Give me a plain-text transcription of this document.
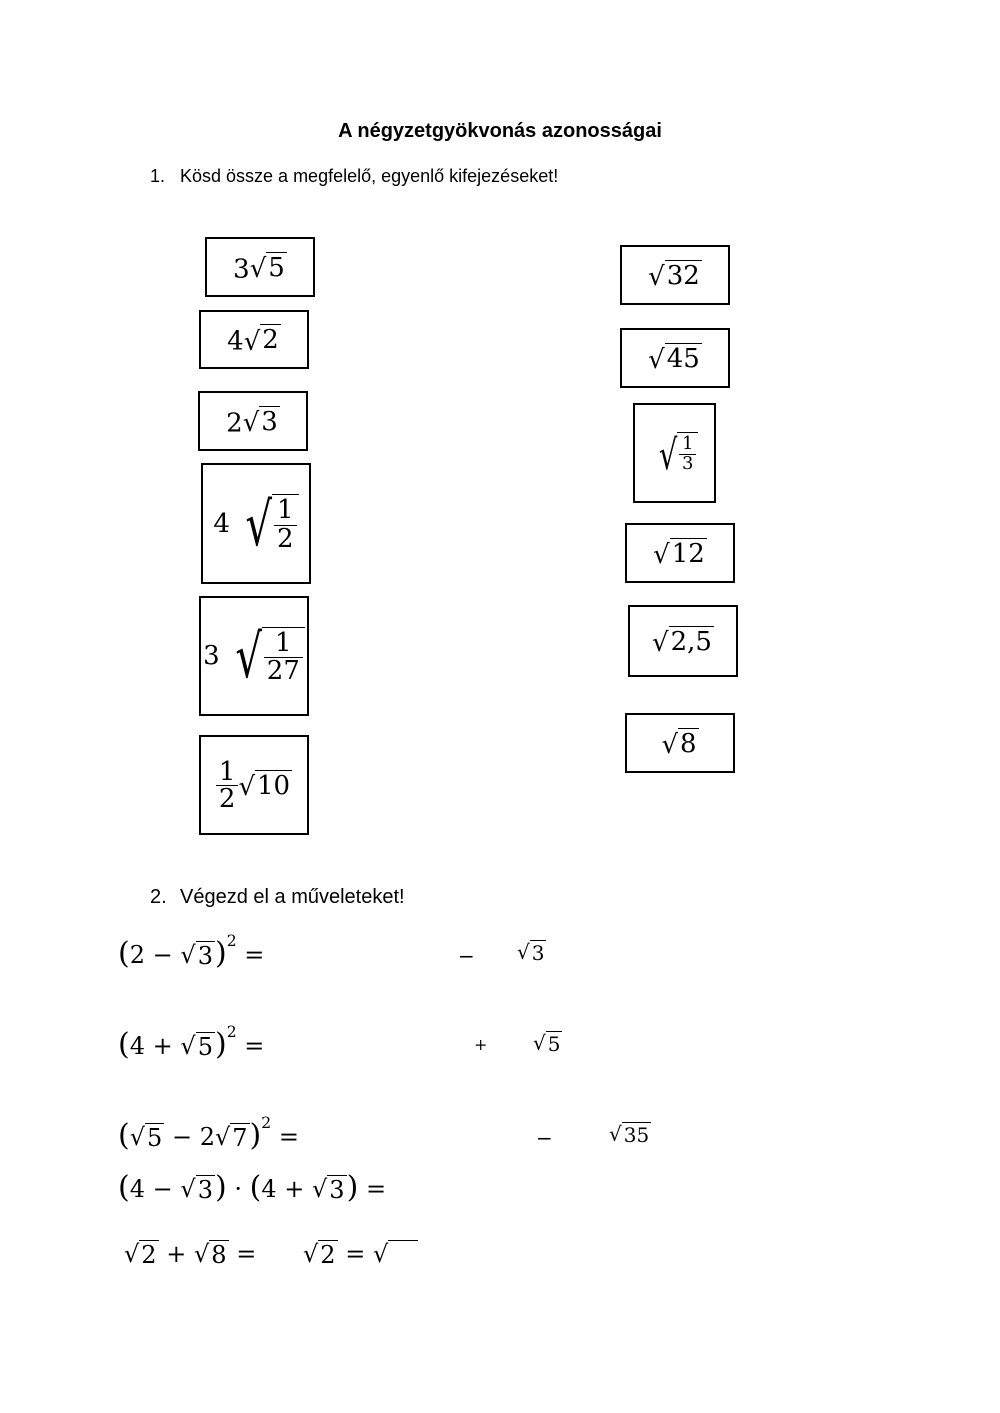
A négyzetgyökvonás azonosságai
1. Kösd össze a megfelelő, egyenlő kifejezéseket!
3 √ 5
4 √ 2
2 √ 3
4 √ $\frac{1}{2}$
3 √ $\frac{1}{27}$
$\frac{1}{2}$ √ 10
√ 32
√ 45
√ $\frac{1}{3}$
√ 12
√ 2,5
√ 8
2. Végezd el a műveleteket!
(2 − √ 3 )$^2$ =	− √ 3
(4 + √ 5 )$^2$ =	+ √ 5
( √ 5 − 2 √ 7 )$^2$ =	−	√ 35
(4 − √ 3 ) · (4 + √ 3 ) =
√ 2 + √ 8 = √ 2 = √
